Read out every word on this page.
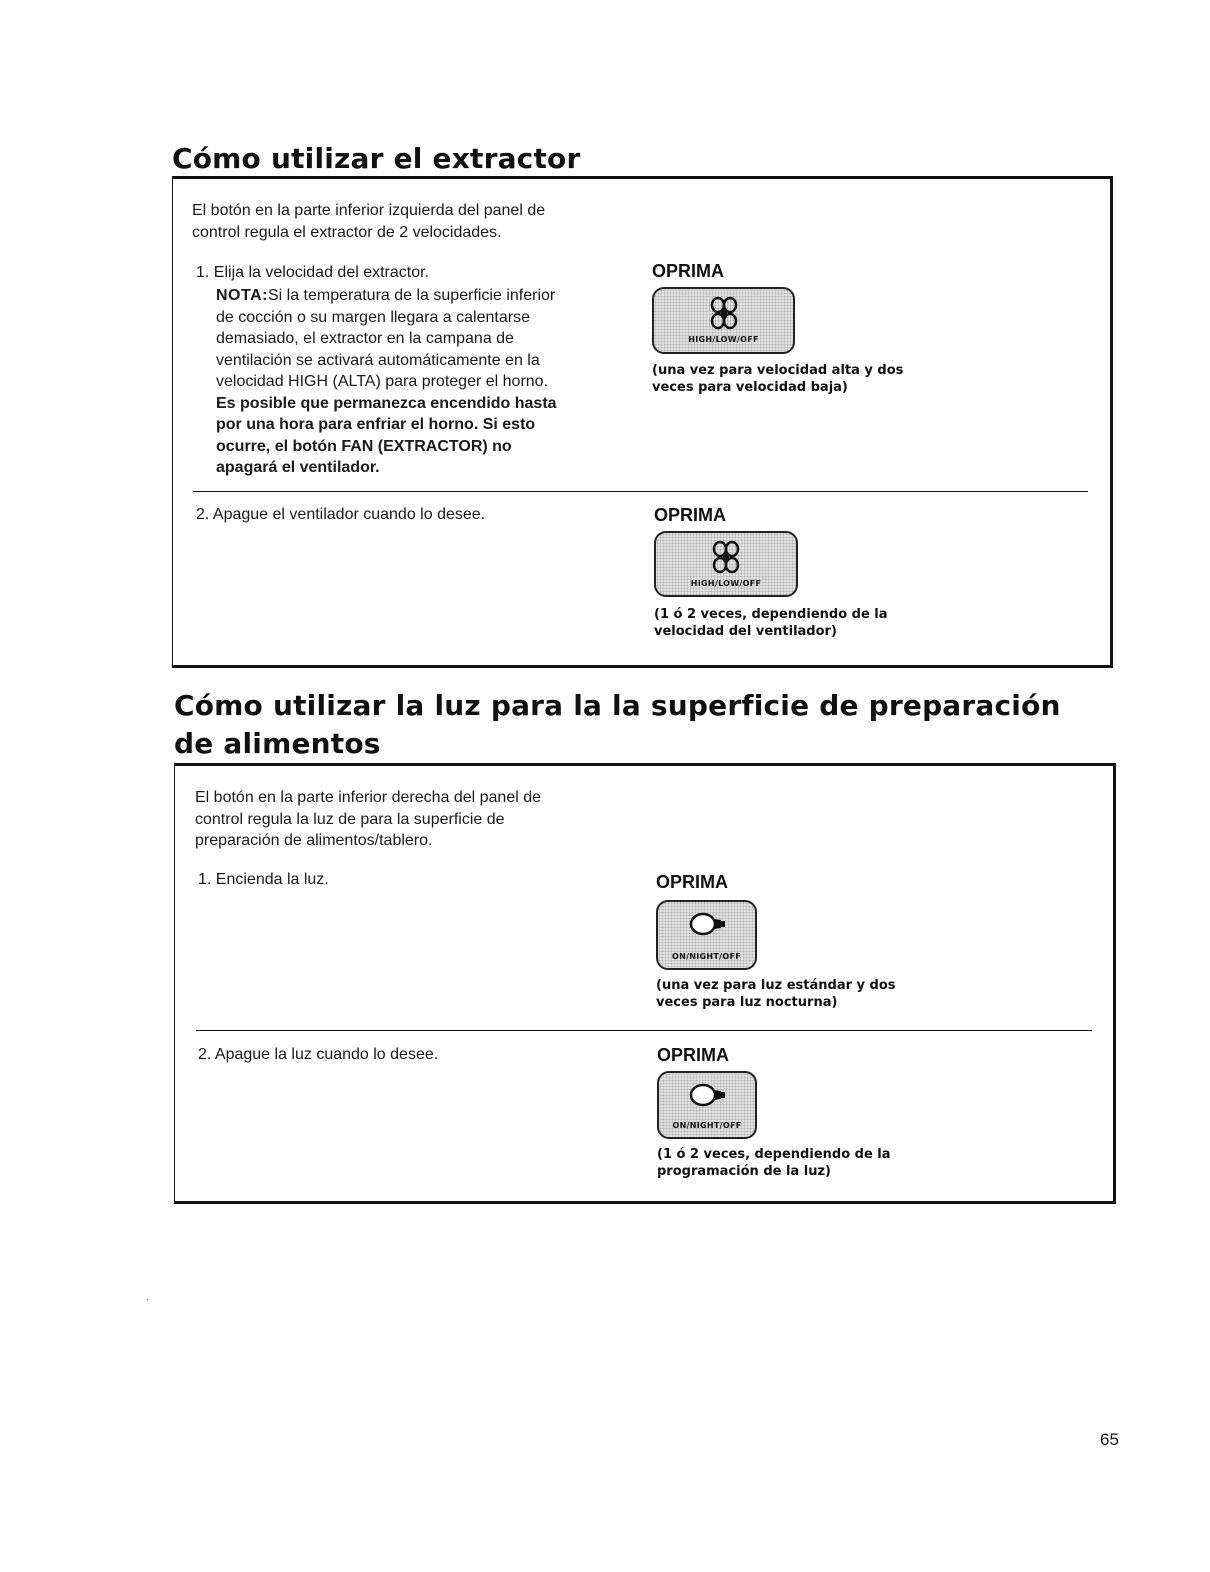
Cómo utilizar el extractor

El botón en la parte inferior izquierda del panel de
control regula el extractor de 2 velocidades.

1. Elija la velocidad del extractor.

NOTA:Si la temperatura de la superficie inferior
de cocción o su margen llegara a calentarse
demasiado, el extractor en la campana de
ventilación se activará automáticamente en la
velocidad HIGH (ALTA) para proteger el horno.
Es posible que permanezca encendido hasta
por una hora para enfriar el horno. Si esto
ocurre, el botón FAN (EXTRACTOR) no
apagará el ventilador.

OPRIMA
HIGH/LOW/OFF
(una vez para velocidad alta y dos
veces para velocidad baja)

2. Apague el ventilador cuando lo desee.	OPRIMA
HIGH/LOW/OFF
(1 ó 2 veces, dependiendo de la
velocidad del ventilador)
Cómo utilizar la luz para la la superficie de preparación
de alimentos

El botón en la parte inferior derecha del panel de
control regula la luz de para la superficie de
preparación de alimentos/tablero.

1. Encienda la luz.	OPRIMA
ON/NIGHT/OFF
(una vez para luz estándar y dos
veces para luz nocturna)

2. Apague la luz cuando lo desee.	OPRIMA
ON/NIGHT/OFF
(1 ó 2 veces, dependiendo de la
programación de la luz)
65
